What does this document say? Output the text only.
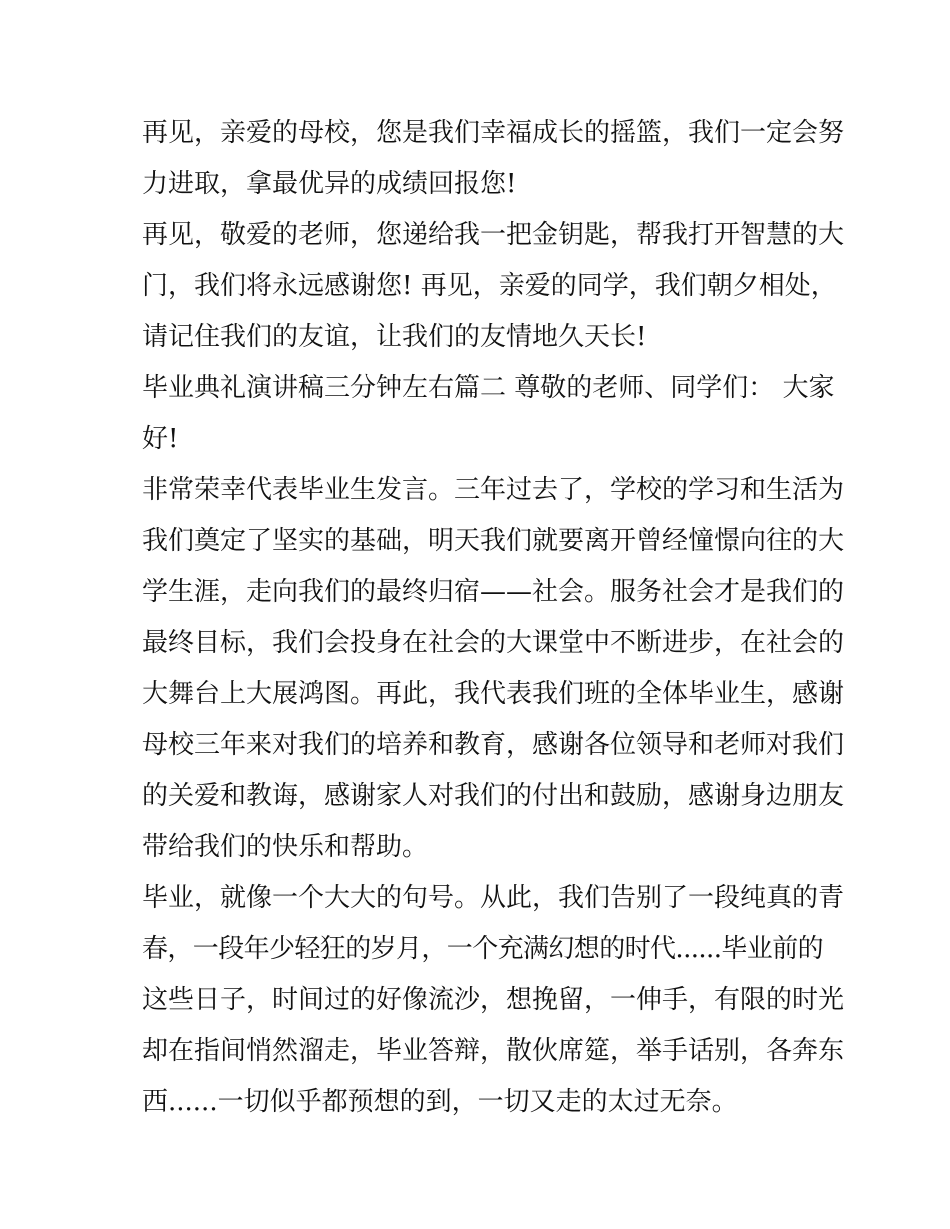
再见，亲爱的母校，您是我们幸福成长的摇篮，我们一定会努
力进取，拿最优异的成绩回报您!
再见，敬爱的老师，您递给我一把金钥匙，帮我打开智慧的大
门，我们将永远感谢您! 再见，亲爱的同学，我们朝夕相处，
请记住我们的友谊，让我们的友情地久天长!
毕业典礼演讲稿三分钟左右篇二 尊敬的老师、同学们： 大家
好!
非常荣幸代表毕业生发言。三年过去了，学校的学习和生活为
我们奠定了坚实的基础，明天我们就要离开曾经憧憬向往的大
学生涯，走向我们的最终归宿——社会。服务社会才是我们的
最终目标，我们会投身在社会的大课堂中不断进步，在社会的
大舞台上大展鸿图。再此，我代表我们班的全体毕业生，感谢
母校三年来对我们的培养和教育，感谢各位领导和老师对我们
的关爱和教诲，感谢家人对我们的付出和鼓励，感谢身边朋友
带给我们的快乐和帮助。
毕业，就像一个大大的句号。从此，我们告别了一段纯真的青
春，一段年少轻狂的岁月，一个充满幻想的时代......毕业前的
这些日子，时间过的好像流沙，想挽留，一伸手，有限的时光
却在指间悄然溜走，毕业答辩，散伙席筵，举手话别，各奔东
西......一切似乎都预想的到，一切又走的太过无奈。
